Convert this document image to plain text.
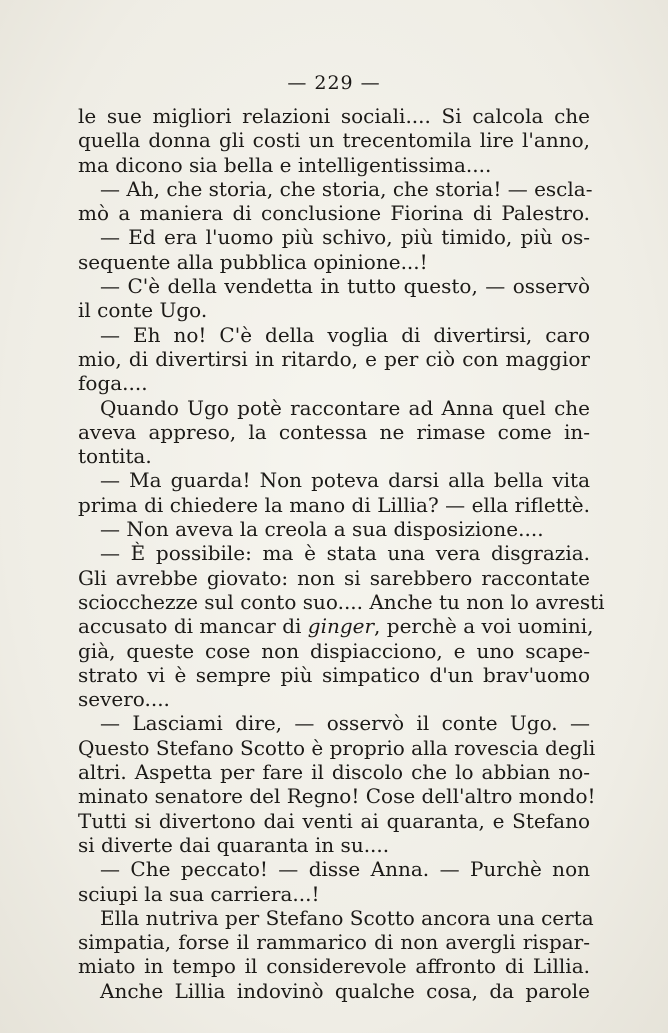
— 229 —
le sue migliori relazioni sociali.... Si calcola che
quella donna gli costi un trecentomila lire l'anno,
ma dicono sia bella e intelligentissima....
— Ah, che storia, che storia, che storia! — escla-
mò a maniera di conclusione Fiorina di Palestro.
— Ed era l'uomo più schivo, più timido, più os-
sequente alla pubblica opinione...!
— C'è della vendetta in tutto questo, — osservò
il conte Ugo.
— Eh no! C'è della voglia di divertirsi, caro
mio, di divertirsi in ritardo, e per ciò con maggior
foga....
Quando Ugo potè raccontare ad Anna quel che
aveva appreso, la contessa ne rimase come in-
tontita.
— Ma guarda! Non poteva darsi alla bella vita
prima di chiedere la mano di Lillia? — ella riflettè.
— Non aveva la creola a sua disposizione....
— È possibile: ma è stata una vera disgrazia.
Gli avrebbe giovato: non si sarebbero raccontate
sciocchezze sul conto suo.... Anche tu non lo avresti
accusato di mancar di ginger, perchè a voi uomini,
già, queste cose non dispiacciono, e uno scape-
strato vi è sempre più simpatico d'un brav'uomo
severo....
— Lasciami dire, — osservò il conte Ugo. —
Questo Stefano Scotto è proprio alla rovescia degli
altri. Aspetta per fare il discolo che lo abbian no-
minato senatore del Regno! Cose dell'altro mondo!
Tutti si divertono dai venti ai quaranta, e Stefano
si diverte dai quaranta in su....
— Che peccato! — disse Anna. — Purchè non
sciupi la sua carriera...!
Ella nutriva per Stefano Scotto ancora una certa
simpatia, forse il rammarico di non avergli rispar-
miato in tempo il considerevole affronto di Lillia.
Anche Lillia indovinò qualche cosa, da parole
